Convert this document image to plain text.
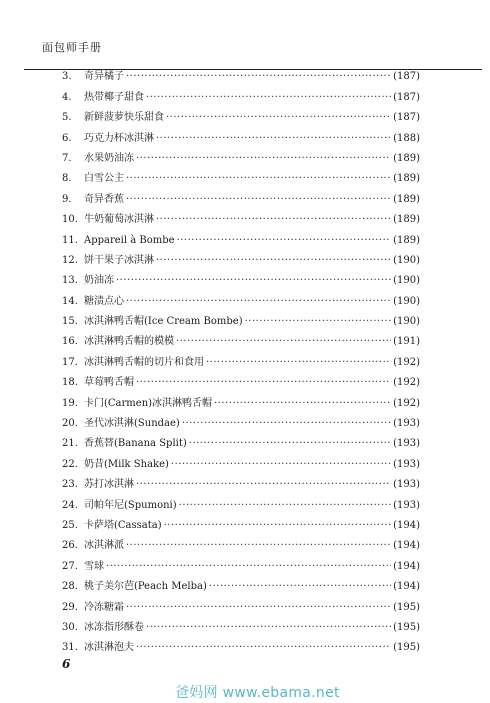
面包师手册
3.	奇异橘子 ·····	(187)
4.	热带椰子甜食 ·····	(187)
5.	新鲜菠萝快乐甜食 ·····	(187)
6.	巧克力杯冰淇淋 ·····	(188)
7.	水果奶油冻 ·····	(189)
8.	白雪公主 ·····	(189)
9.	奇异香蕉 ·····	(189)
10. 牛奶葡萄冰淇淋 ·····	(189)
11. Appareil à Bombe ·····	(189)
12. 饼干果子冰淇淋 ·····	(190)
13. 奶油冻 ·····	(190)
14. 糖渍点心 ·····	(190)
15. 冰淇淋鸭舌帽(Ice Cream Bombe) ·····	(190)
16. 冰淇淋鸭舌帽的模模 ·····	(191)
17. 冰淇淋鸭舌帽的切片和食用 ·····	(192)
18. 草莓鸭舌帽 ·····	(192)
19. 卡门(Carmen)冰淇淋鸭舌帽 ·····	(192)
20. 圣代冰淇淋(Sundae) ·····	(193)
21. 香蕉替(Banana Split) ·····	(193)
22. 奶昔(Milk Shake) ·····	(193)
23. 苏打冰淇淋 ·····	(193)
24. 司帕年尼(Spumoni) ·····	(193)
25. 卡萨塔(Cassata) ·····	(194)
26. 冰淇淋派 ·····	(194)
27. 雪球 ·····	(194)
28. 桃子美尔芭(Peach Melba) ·····	(194)
29. 冷冻糖霜 ·····	(195)
30. 冰冻指形酥卷 ·····	(195)
31. 冰淇淋泡夫 ·····	(195)
6
爸妈网 www.ebama.net
